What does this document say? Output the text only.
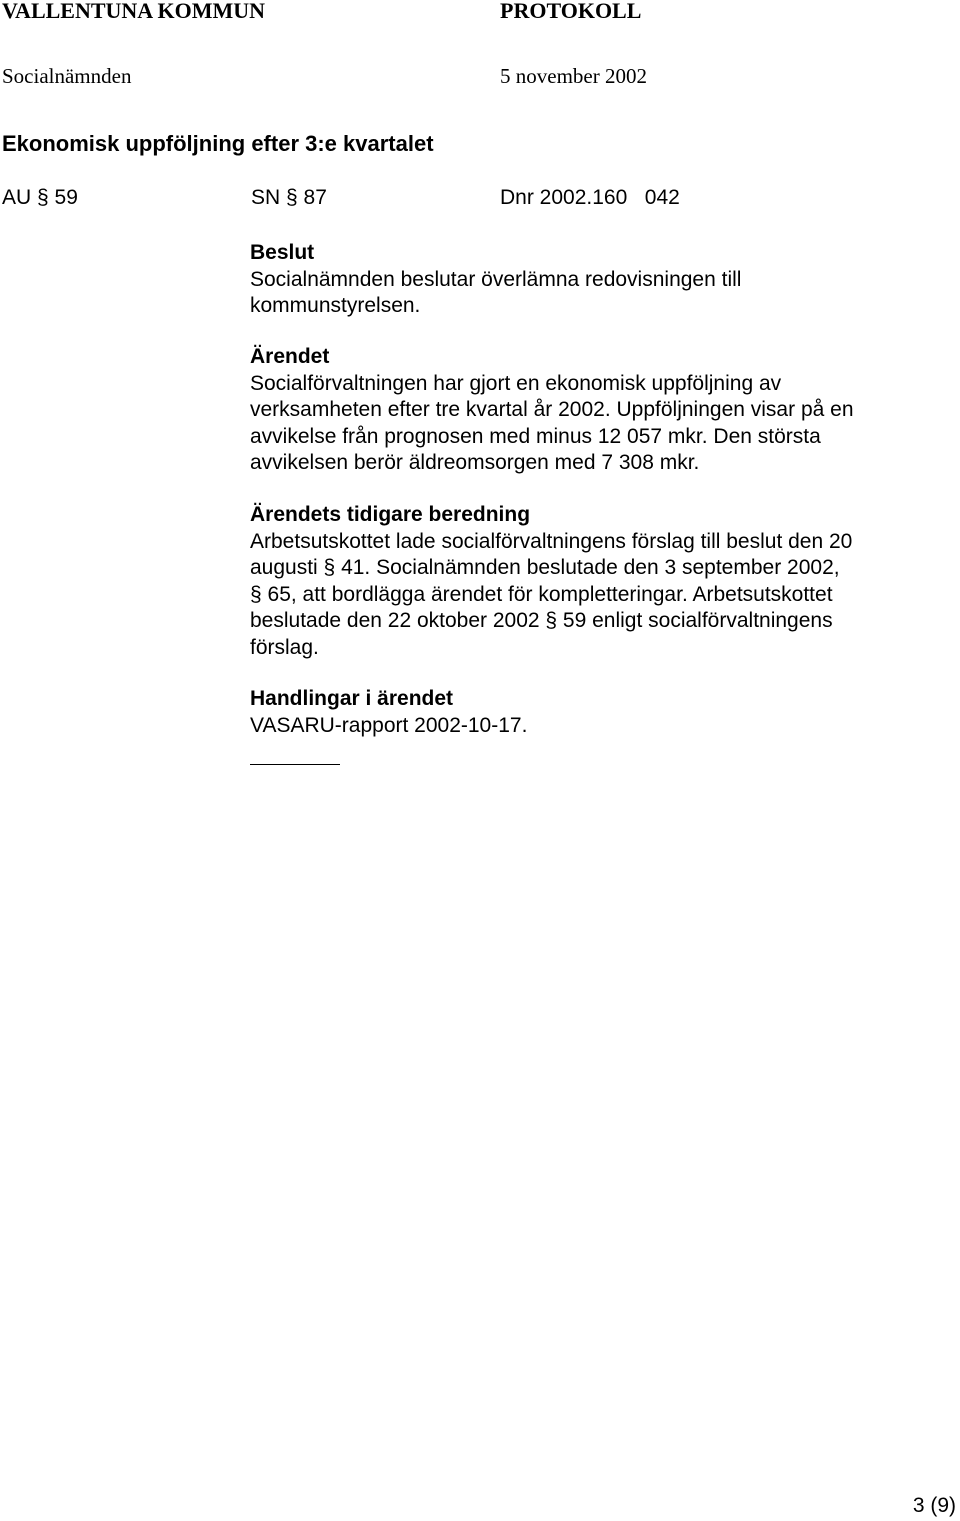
VALLENTUNA KOMMUN	PROTOKOLL
Socialnämnden	5 november 2002
Ekonomisk uppföljning efter 3:e kvartalet
AU § 59	SN § 87	Dnr 2002.160   042

Beslut

Socialnämnden beslutar överlämna redovisningen till

kommunstyrelsen.

Ärendet

Socialförvaltningen har gjort en ekonomisk uppföljning av

verksamheten efter tre kvartal år 2002. Uppföljningen visar på en

avvikelse från prognosen med minus 12 057 mkr. Den största

avvikelsen berör äldreomsorgen med 7 308 mkr.

Ärendets tidigare beredning

Arbetsutskottet lade socialförvaltningens förslag till beslut den 20

augusti § 41. Socialnämnden beslutade den 3 september 2002,

§ 65, att bordlägga ärendet för kompletteringar. Arbetsutskottet

beslutade den 22 oktober 2002 § 59 enligt socialförvaltningens

förslag.

Handlingar i ärendet

VASARU-rapport 2002-10-17.

3 (9)
